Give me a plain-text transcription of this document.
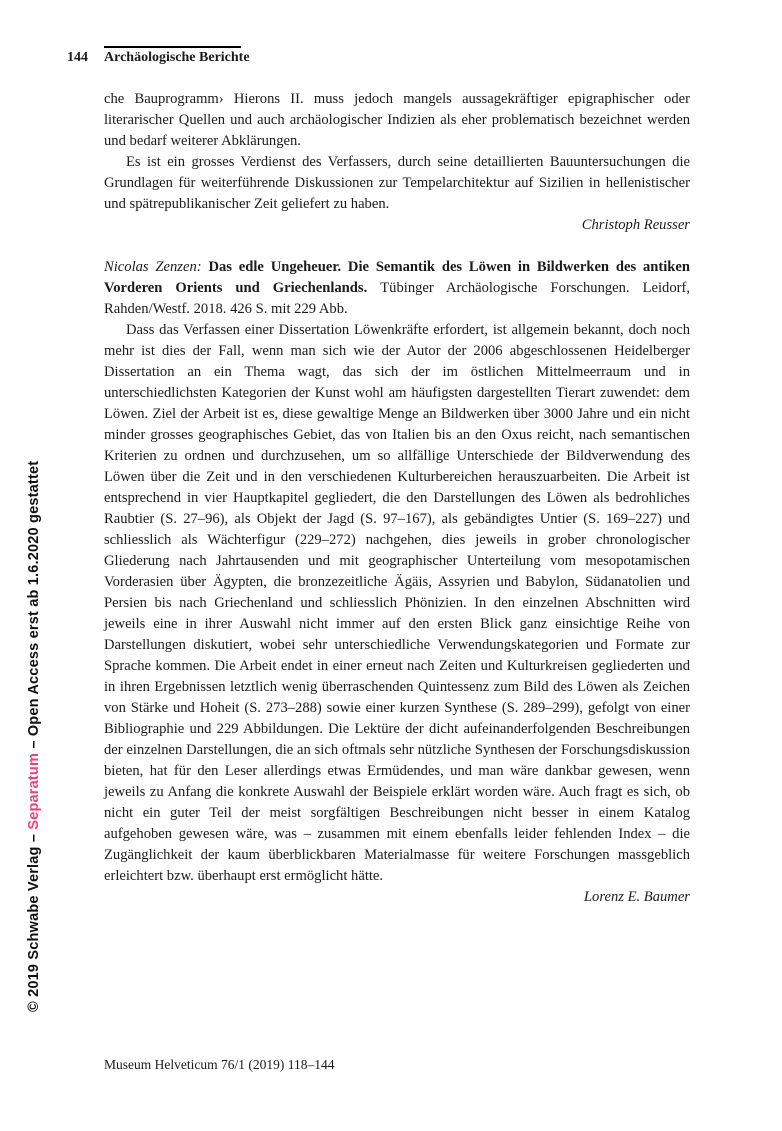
144 Archäologische Berichte
© 2019 Schwabe Verlag – Separatum – Open Access erst ab 1.6.2020 gestattet

che Bauprogramm› Hierons II. muss jedoch mangels aussagekräftiger epigraphischer oder literarischer Quellen und auch archäologischer Indizien als eher problematisch bezeichnet werden und bedarf weiterer Abklärungen.

Es ist ein grosses Verdienst des Verfassers, durch seine detaillierten Bauuntersuchungen die Grundlagen für weiterführende Diskussionen zur Tempelarchitektur auf Sizilien in hellenistischer und spätrepublikanischer Zeit geliefert zu haben.

Christoph Reusser

Nicolas Zenzen: Das edle Ungeheuer. Die Semantik des Löwen in Bildwerken des antiken Vorderen Orients und Griechenlands. Tübinger Archäologische Forschungen. Leidorf, Rahden/Westf. 2018. 426 S. mit 229 Abb.

Dass das Verfassen einer Dissertation Löwenkräfte erfordert, ist allgemein bekannt, doch noch mehr ist dies der Fall, wenn man sich wie der Autor der 2006 abgeschlossenen Heidelberger Dissertation an ein Thema wagt, das sich der im östlichen Mittelmeerraum und in unterschiedlichsten Kategorien der Kunst wohl am häufigsten dargestellten Tierart zuwendet: dem Löwen. Ziel der Arbeit ist es, diese gewaltige Menge an Bildwerken über 3000 Jahre und ein nicht minder grosses geographisches Gebiet, das von Italien bis an den Oxus reicht, nach semantischen Kriterien zu ordnen und durchzusehen, um so allfällige Unterschiede der Bildverwendung des Löwen über die Zeit und in den verschiedenen Kulturbereichen herauszuarbeiten. Die Arbeit ist entsprechend in vier Hauptkapitel gegliedert, die den Darstellungen des Löwen als bedrohliches Raubtier (S. 27–96), als Objekt der Jagd (S. 97–167), als gebändigtes Untier (S. 169–227) und schliesslich als Wächterfigur (229–272) nachgehen, dies jeweils in grober chronologischer Gliederung nach Jahrtausenden und mit geographischer Unterteilung vom mesopotamischen Vorderasien über Ägypten, die bronzezeitliche Ägäis, Assyrien und Babylon, Südanatolien und Persien bis nach Griechenland und schliesslich Phönizien. In den einzelnen Abschnitten wird jeweils eine in ihrer Auswahl nicht immer auf den ersten Blick ganz einsichtige Reihe von Darstellungen diskutiert, wobei sehr unterschiedliche Verwendungskategorien und Formate zur Sprache kommen. Die Arbeit endet in einer erneut nach Zeiten und Kulturkreisen gegliederten und in ihren Ergebnissen letztlich wenig überraschenden Quintessenz zum Bild des Löwen als Zeichen von Stärke und Hoheit (S. 273–288) sowie einer kurzen Synthese (S. 289–299), gefolgt von einer Bibliographie und 229 Abbildungen. Die Lektüre der dicht aufeinanderfolgenden Beschreibungen der einzelnen Darstellungen, die an sich oftmals sehr nützliche Synthesen der Forschungsdiskussion bieten, hat für den Leser allerdings etwas Ermüdendes, und man wäre dankbar gewesen, wenn jeweils zu Anfang die konkrete Auswahl der Beispiele erklärt worden wäre. Auch fragt es sich, ob nicht ein guter Teil der meist sorgfältigen Beschreibungen nicht besser in einem Katalog aufgehoben gewesen wäre, was – zusammen mit einem ebenfalls leider fehlenden Index – die Zugänglichkeit der kaum überblickbaren Materialmasse für weitere Forschungen massgeblich erleichtert bzw. überhaupt erst ermöglicht hätte.

Lorenz E. Baumer

Museum Helveticum 76/1 (2019) 118–144
